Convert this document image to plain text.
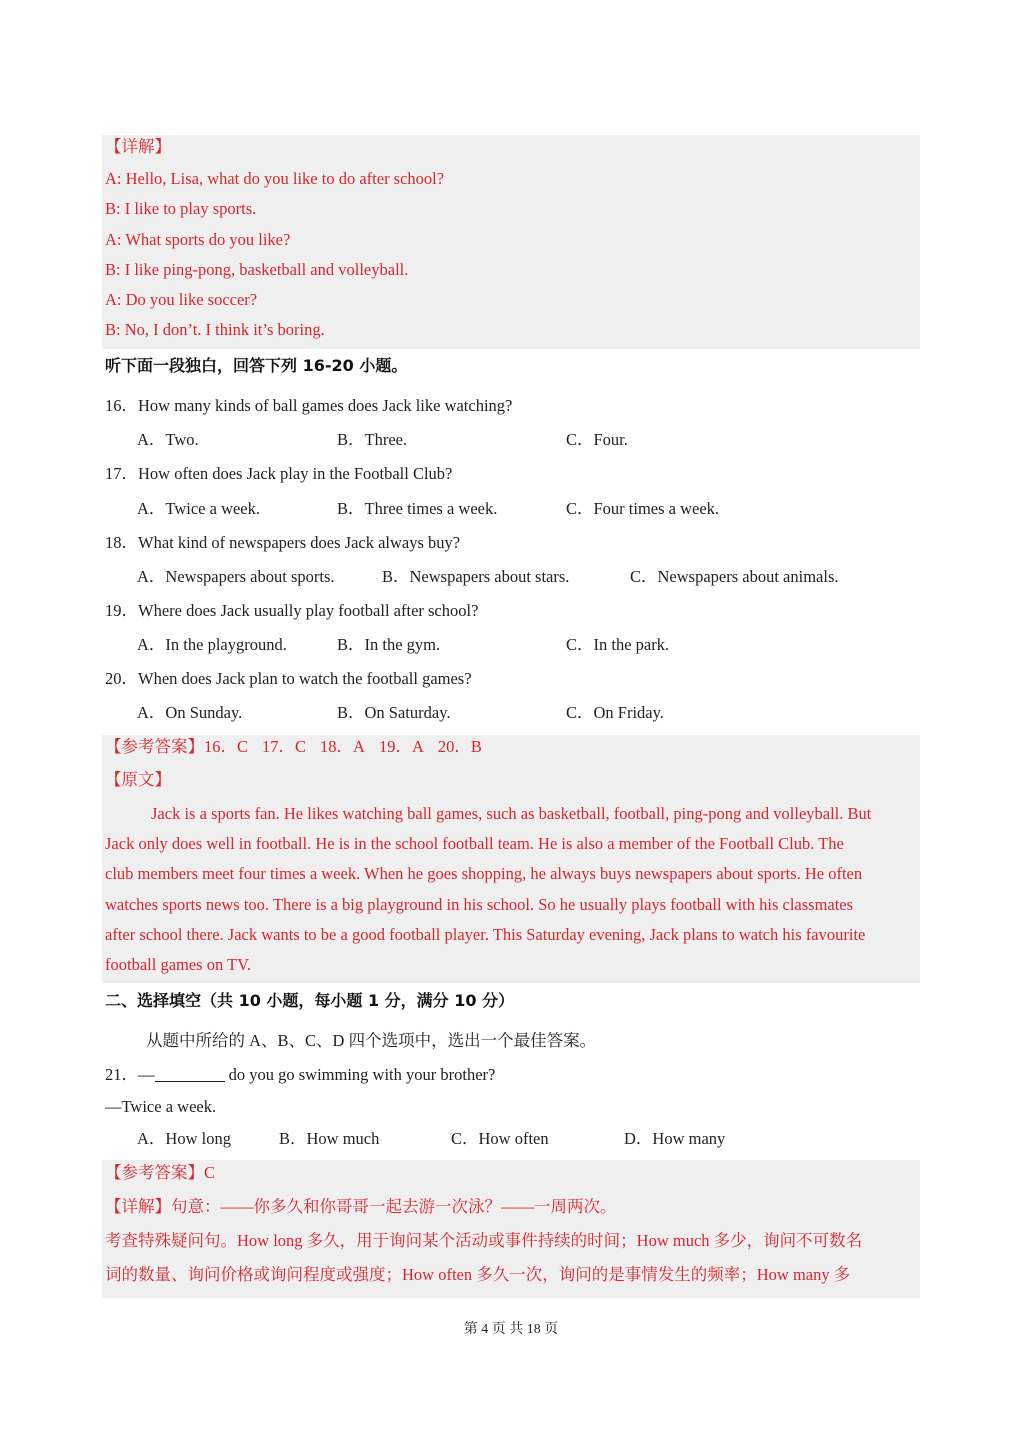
【详解】
A: Hello, Lisa, what do you like to do after school?
B: I like to play sports.
A: What sports do you like?
B: I like ping-pong, basketball and volleyball.
A: Do you like soccer?
B: No, I don’t. I think it’s boring.
听下面一段独白，回答下列 16-20 小题。
16．How many kinds of ball games does Jack like watching?
A．Two.	B．Three.	C．Four.
17．How often does Jack play in the Football Club?
A．Twice a week.	B．Three times a week.	C．Four times a week.
18．What kind of newspapers does Jack always buy?
A．Newspapers about sports.	B．Newspapers about stars.	C．Newspapers about animals.
19．Where does Jack usually play football after school?
A．In the playground.	B．In the gym.	C．In the park.
20．When does Jack plan to watch the football games?
A．On Sunday.	B．On Saturday.	C．On Friday.
【参考答案】16．C 17．C 18．A 19．A 20．B
【原文】
Jack is a sports fan. He likes watching ball games, such as basketball, football, ping-pong and volleyball. But
Jack only does well in football. He is in the school football team. He is also a member of the Football Club. The
club members meet four times a week. When he goes shopping, he always buys newspapers about sports. He often
watches sports news too. There is a big playground in his school. So he usually plays football with his classmates
after school there. Jack wants to be a good football player. This Saturday evening, Jack plans to watch his favourite
football games on TV.
二、选择填空（共 10 小题，每小题 1 分，满分 10 分）
从题中所给的 A、B、C、D 四个选项中，选出一个最佳答案。
21．—	do you go swimming with your brother?
—Twice a week.
A．How long	B．How much	C．How often	D．How many
【参考答案】C
【详解】句意：——你多久和你哥哥一起去游一次泳？——一周两次。
考查特殊疑问句。How long 多久，用于询问某个活动或事件持续的时间；How much 多少，询问不可数名
词的数量、询问价格或询问程度或强度；How often 多久一次，询问的是事情发生的频率；How many 多
第 4 页 共 18 页
